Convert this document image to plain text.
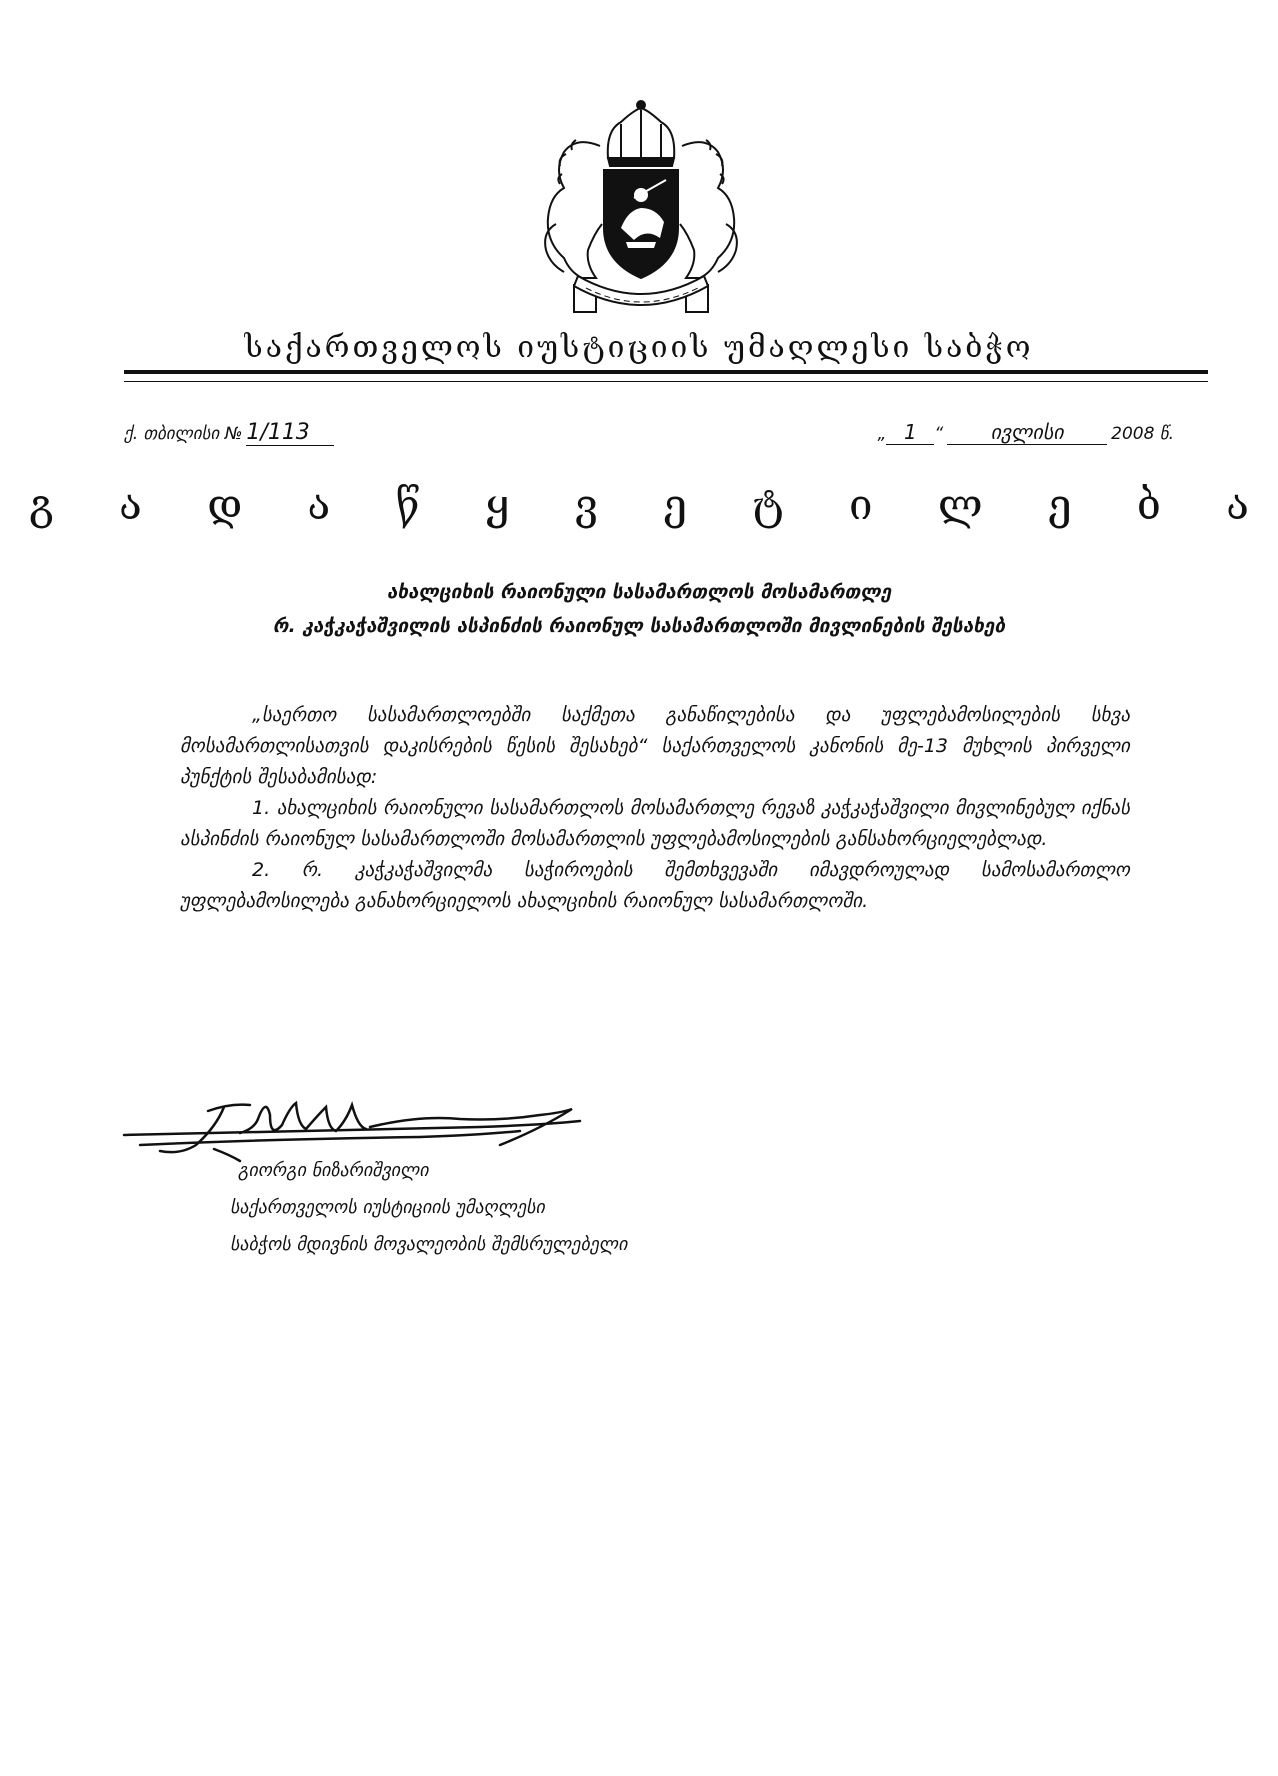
საქართველოს იუსტიციის უმაღლესი საბჭო
ქ. თბილისი № 1/113	„ 1 “ ივლისი	2008 წ.
გ ა დ ა წ ყ ვ ე ტ ი ლ ე ბ ა
ახალციხის რაიონული სასამართლოს მოსამართლე
რ. კაჭკაჭაშვილის ასპინძის რაიონულ სასამართლოში მივლინების შესახებ

„საერთო სასამართლოებში საქმეთა განაწილებისა და უფლებამოსილების სხვა მოსამართლისათვის დაკისრების წესის შესახებ“ საქართველოს კანონის მე-13 მუხლის პირველი პუნქტის შესაბამისად:

1. ახალციხის რაიონული სასამართლოს მოსამართლე რევაზ კაჭკაჭაშვილი მივლინებულ იქნას ასპინძის რაიონულ სასამართლოში მოსამართლის უფლებამოსილების განსახორციელებლად.

2. რ. კაჭკაჭაშვილმა საჭიროების შემთხვევაში იმავდროულად სამოსამართლო უფლებამოსილება განახორციელოს ახალციხის რაიონულ სასამართლოში.

გიორგი ნიზარიშვილი
საქართველოს იუსტიციის უმაღლესი
საბჭოს მდივნის მოვალეობის შემსრულებელი
